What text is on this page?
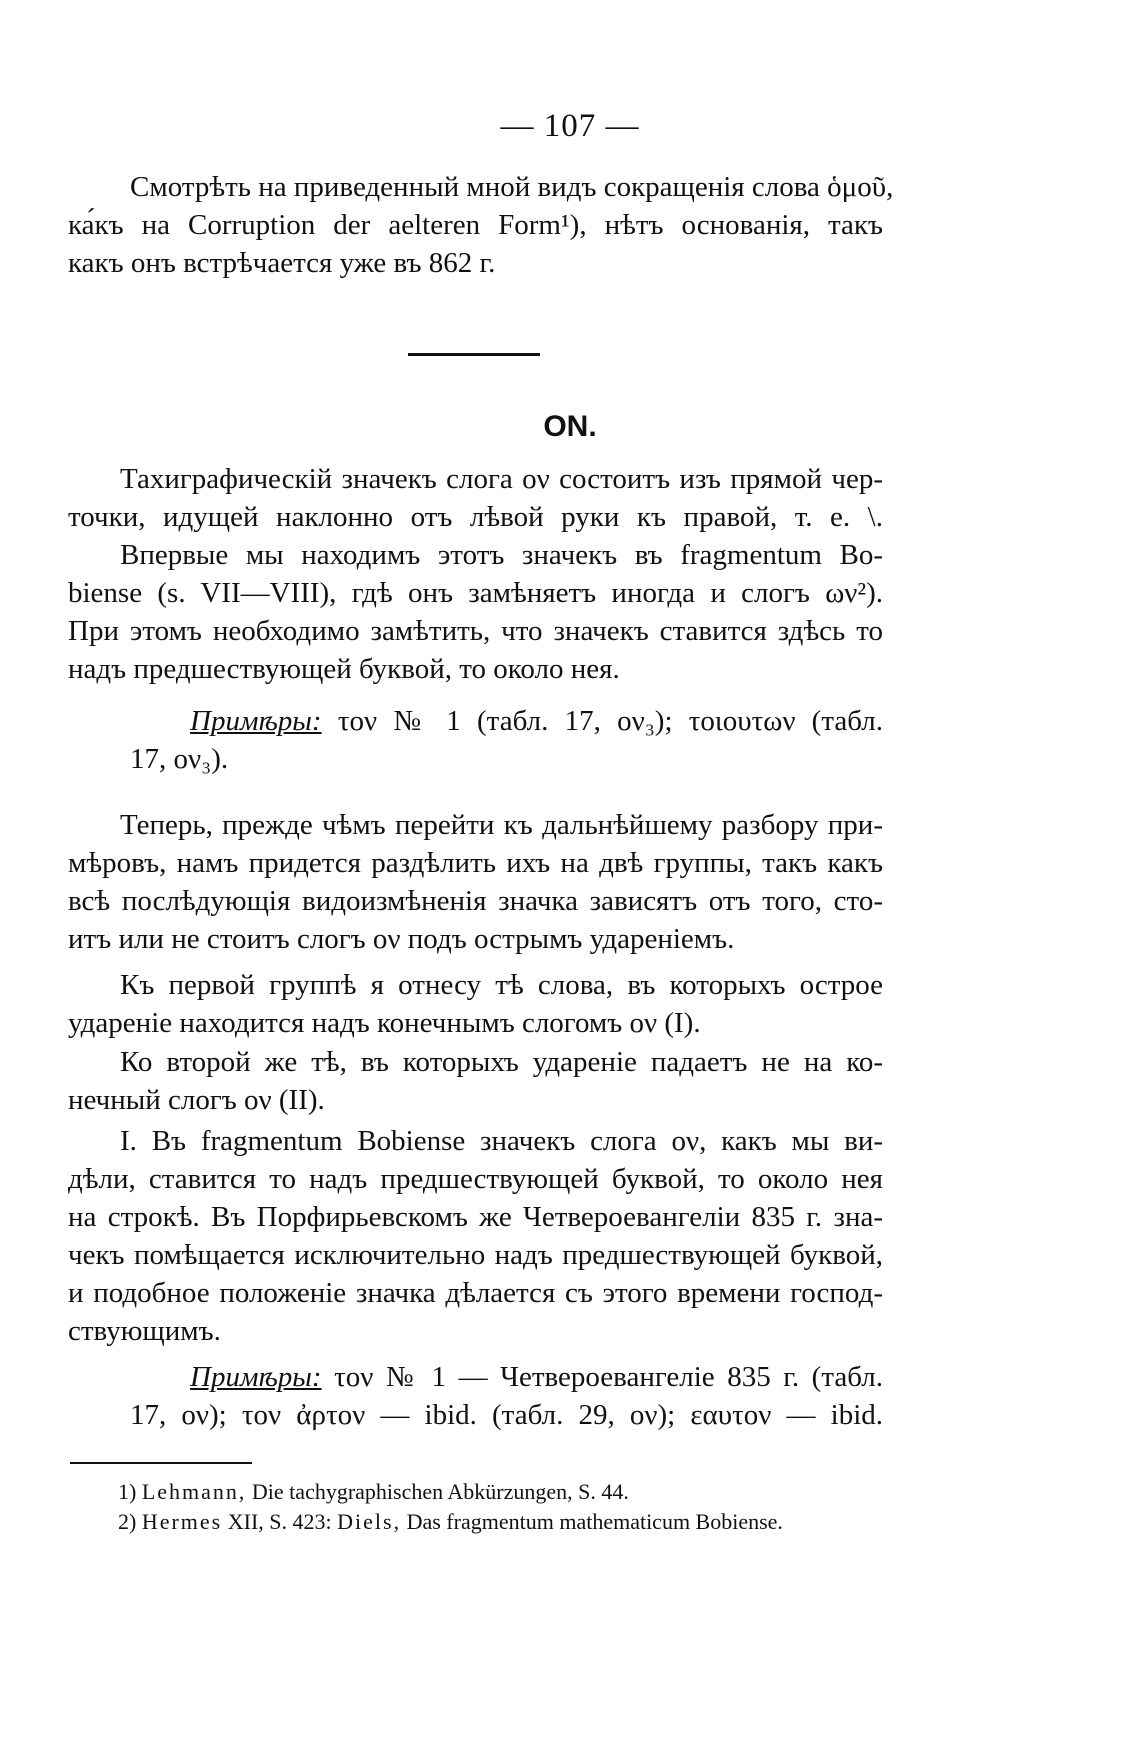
— 107 —
Смотрѣть на приведенный мной видъ сокращенія слова ὁμοῦ,
ка́къ на Corruption der aelteren Form¹), нѣтъ основанія, такъ
какъ онъ встрѣчается уже въ 862 г.
ON.
Тахиграфическій значекъ слога ον состоитъ изъ прямой чер-
точки, идущей наклонно отъ лѣвой руки къ правой, т. е. \.
Впервые мы находимъ этотъ значекъ въ fragmentum Bo-
biense (s. VII—VIII), гдѣ онъ замѣняетъ иногда и слогъ ων²).
При этомъ необходимо замѣтить, что значекъ ставится здѣсь то
надъ предшествующей буквой, то около нея.
Примѣры: τον № 1 (табл. 17, ον₃); τοιουτων (табл.
17, ον₃).
Теперь, прежде чѣмъ перейти къ дальнѣйшему разбору при-
мѣровъ, намъ придется раздѣлить ихъ на двѣ группы, такъ какъ
всѣ послѣдующія видоизмѣненія значка зависятъ отъ того, сто-
итъ или не стоитъ слогъ ον подъ острымъ удареніемъ.
Къ первой группѣ я отнесу тѣ слова, въ которыхъ острое
удареніе находится надъ конечнымъ слогомъ ον (I).
Ко второй же тѣ, въ которыхъ удареніе падаетъ не на ко-
нечный слогъ ον (II).
I. Въ fragmentum Bobiense значекъ слога ον, какъ мы ви-
дѣли, ставится то надъ предшествующей буквой, то около нея
на строкѣ. Въ Порфирьевскомъ же Четвероевангеліи 835 г. зна-
чекъ помѣщается исключительно надъ предшествующей буквой,
и подобное положеніе значка дѣлается съ этого времени господ-
ствующимъ.
Примѣры: τον № 1 — Четвероевангеліе 835 г. (табл.
17, ον); τον ἀρτον — ibid. (табл. 29, ον); εαυτον — ibid.
1) Lehmann, Die tachygraphischen Abkürzungen, S. 44.
2) Hermes XII, S. 423: Diels, Das fragmentum mathematicum Bobiense.
